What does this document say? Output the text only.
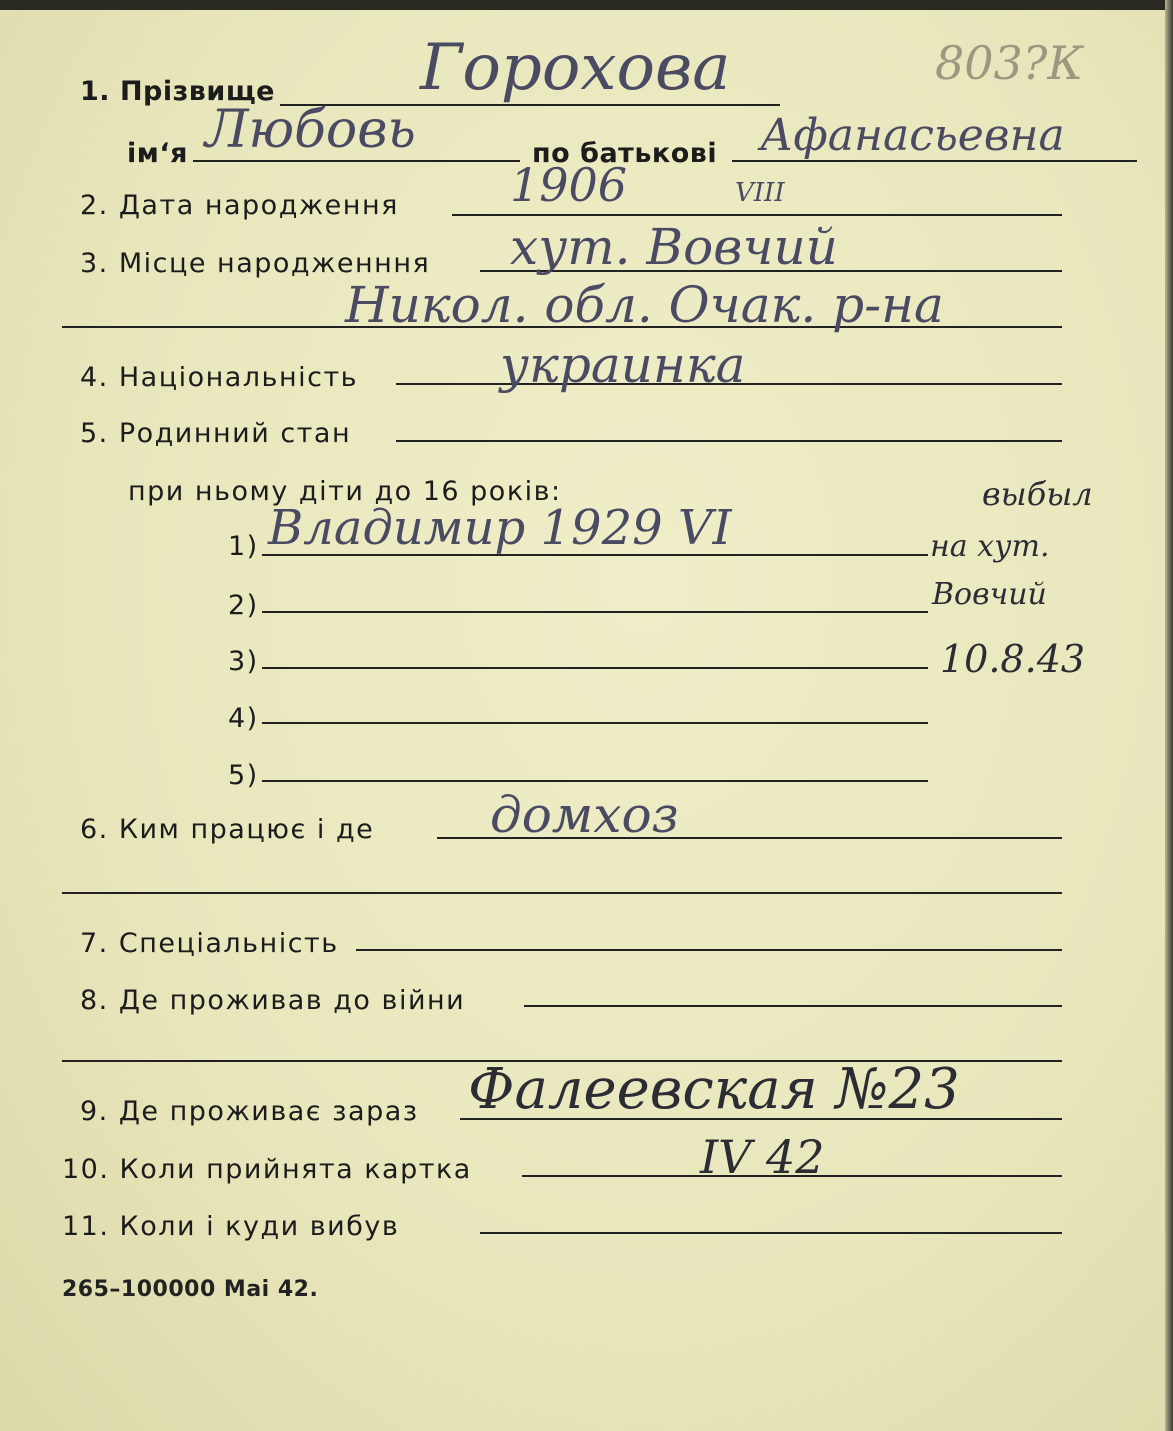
1. Прізвище Горохова	803?К
ім‘я Любовь	по батькові Афанасьевна
2. Дата народження 1906	VIII
3. Місце народженння хут. Вовчий
Никол. обл. Очак. р-на
4. Національність	украинка
5. Родинний стан
при ньому діти до 16 років:
1) Владимир 1929 VI
2)
3)
4)
5)
выбыл
на хут.
Вовчий
10.8.43
6. Ким працює і де домхоз
7. Спеціальність
8. Де проживав до війни
9. Де проживає зараз Фалеевская №23
10. Коли прийнята картка	IV 42
11. Коли і куди вибув
265–100000 Mai 42.
